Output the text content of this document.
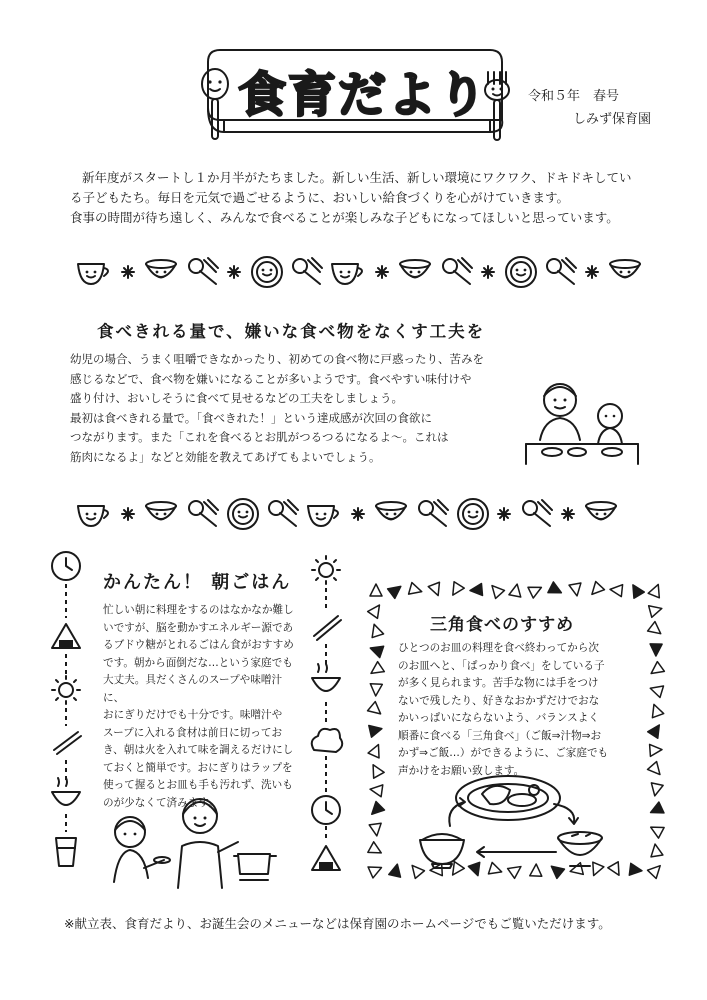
食育だより	令和５年　春号
しみず保育園

新年度がスタートし１か月半がたちました。新しい生活、新しい環境にワクワク、ドキドキしてい

る子どもたち。毎日を元気で過ごせるように、おいしい給食づくりを心がけていきます。

食事の時間が待ち遠しく、みんなで食べることが楽しみな子どもになってほしいと思っています。

食べきれる量で、嫌いな食べ物をなくす工夫を

幼児の場合、うまく咀嚼できなかったり、初めての食べ物に戸惑ったり、苦みを

感じるなどで、食べ物を嫌いになることが多いようです。食べやすい味付けや

盛り付け、おいしそうに食べて見せるなどの工夫をしましょう。

最初は食べきれる量で。「食べきれた！」という達成感が次回の食欲に

つながります。また「これを食べるとお肌がつるつるになるよ～。これは

筋肉になるよ」などと効能を教えてあげてもよいでしょう。

かんたん！ 朝ごはん

忙しい朝に料理をするのはなかなか難し

いですが、脳を動かすエネルギー源であ

るブドウ糖がとれるごはん食がおすすめ

です。朝から面倒だな…という家庭でも

大丈夫。具だくさんのスープや味噌汁に、

おにぎりだけでも十分です。味噌汁や

スープに入れる食材は前日に切ってお

き、朝は火を入れて味を調えるだけにし

ておくと簡単です。おにぎりはラップを

使って握るとお皿も手も汚れず、洗いも

のが少なくて済みます。

三角食べのすすめ

ひとつのお皿の料理を食べ終わってから次

のお皿へと、「ぱっかり食べ」をしている子

が多く見られます。苦手な物には手をつけ

ないで残したり、好きなおかずだけでおな

かいっぱいにならないよう、バランスよく

順番に食べる「三角食べ」（ご飯⇒汁物⇒お

かず⇒ご飯…）ができるように、ご家庭でも

声かけをお願い致します。

※献立表、食育だより、お誕生会のメニューなどは保育園のホームページでもご覧いただけます。
